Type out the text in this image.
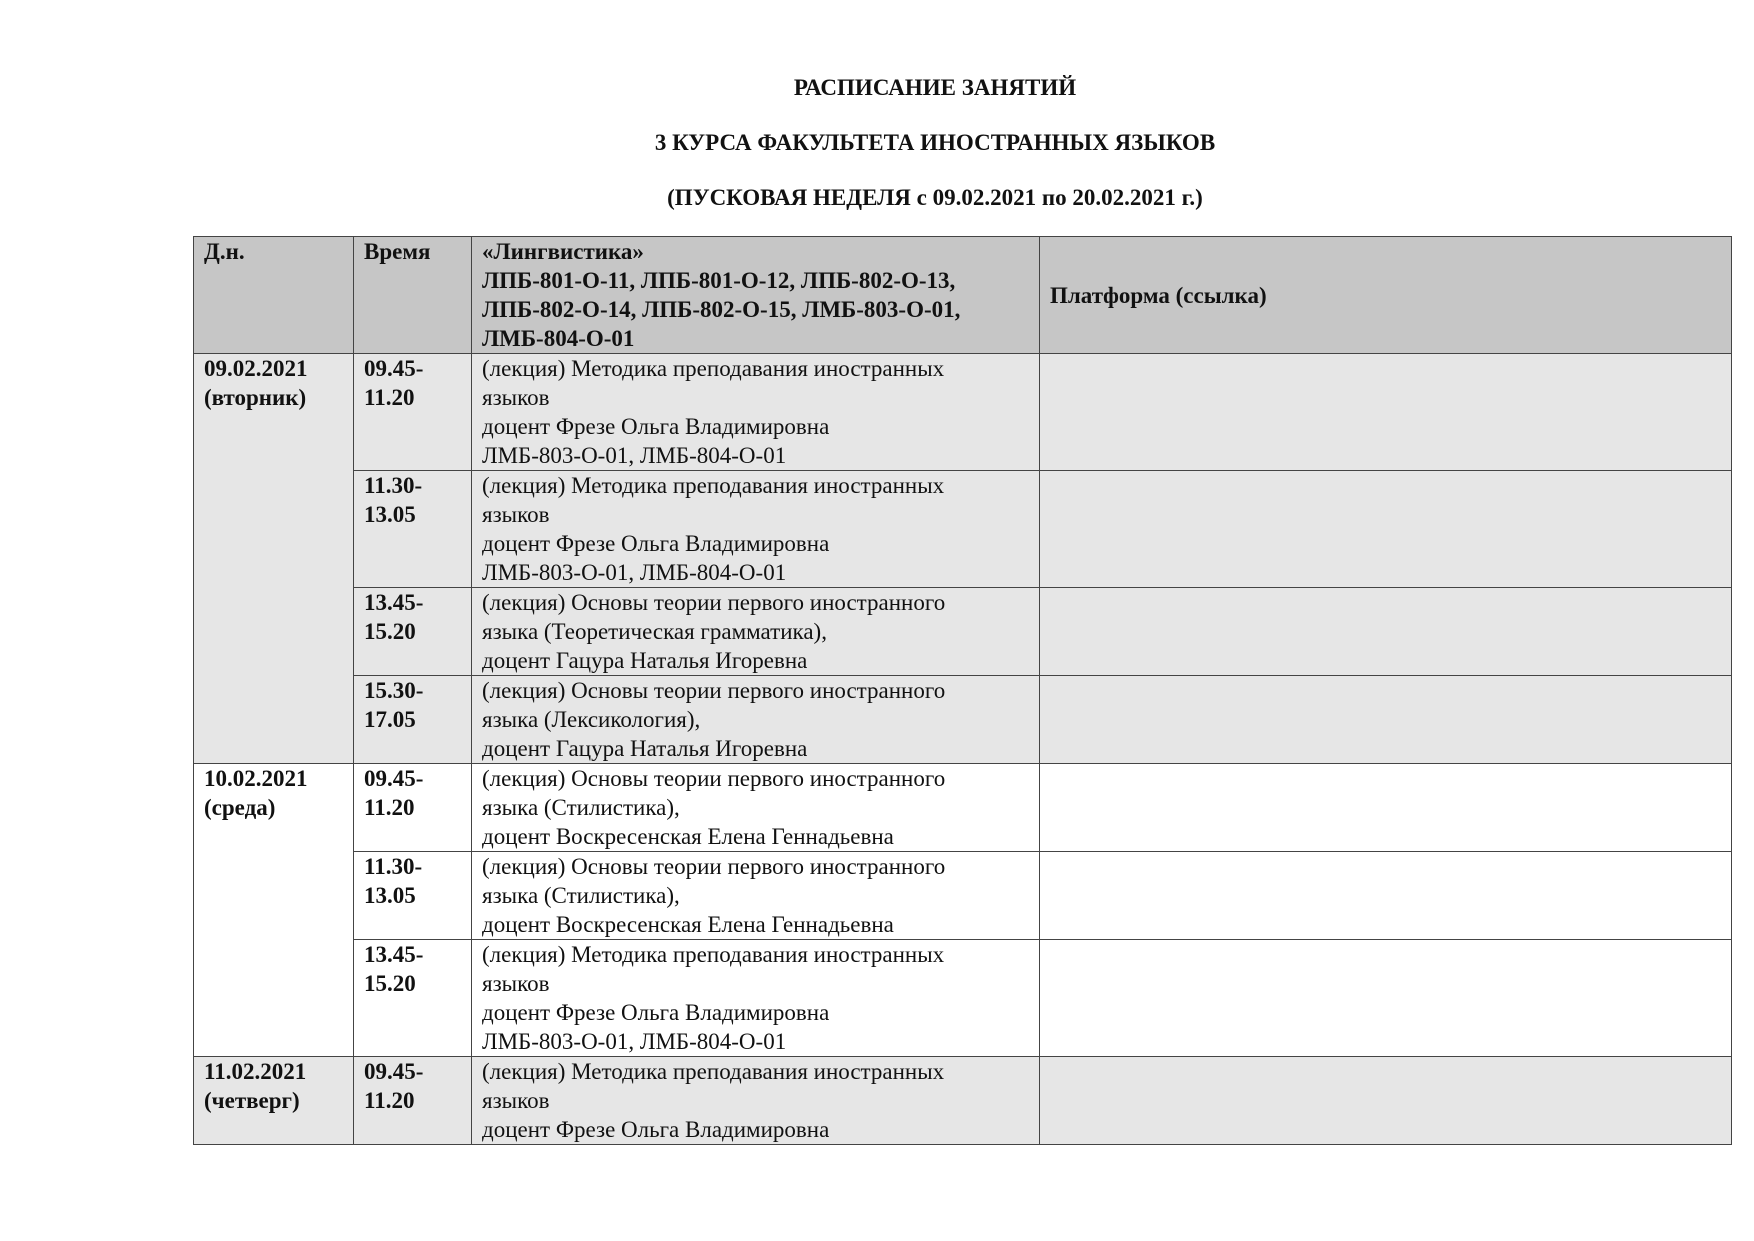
РАСПИСАНИЕ ЗАНЯТИЙ

3 КУРСА ФАКУЛЬТЕТА ИНОСТРАННЫХ ЯЗЫКОВ

(ПУСКОВАЯ НЕДЕЛЯ с 09.02.2021 по 20.02.2021 г.)

Д.н.	Время	«Лингвистика»
ЛПБ-801-О-11, ЛПБ-801-О-12, ЛПБ-802-О-13,
ЛПБ-802-О-14, ЛПБ-802-О-15, ЛМБ-803-О-01,
ЛМБ-804-О-01	Платформа (ссылка)

09.02.2021
(вторник)	09.45-
11.20	(лекция) Методика преподавания иностранных
языков
доцент Фрезе Ольга Владимировна
ЛМБ-803-О-01, ЛМБ-804-О-01	

	11.30-
13.05	(лекция) Методика преподавания иностранных
языков
доцент Фрезе Ольга Владимировна
ЛМБ-803-О-01, ЛМБ-804-О-01	

	13.45-
15.20	(лекция) Основы теории первого иностранного
языка (Теоретическая грамматика),
доцент Гацура Наталья Игоревна	

	15.30-
17.05	(лекция) Основы теории первого иностранного
языка (Лексикология),
доцент Гацура Наталья Игоревна	

10.02.2021
(среда)	09.45-
11.20	(лекция) Основы теории первого иностранного
языка (Стилистика),
доцент Воскресенская Елена Геннадьевна	

	11.30-
13.05	(лекция) Основы теории первого иностранного
языка (Стилистика),
доцент Воскресенская Елена Геннадьевна	

	13.45-
15.20	(лекция) Методика преподавания иностранных
языков
доцент Фрезе Ольга Владимировна
ЛМБ-803-О-01, ЛМБ-804-О-01	

11.02.2021
(четверг)	09.45-
11.20	(лекция) Методика преподавания иностранных
языков
доцент Фрезе Ольга Владимировна	
